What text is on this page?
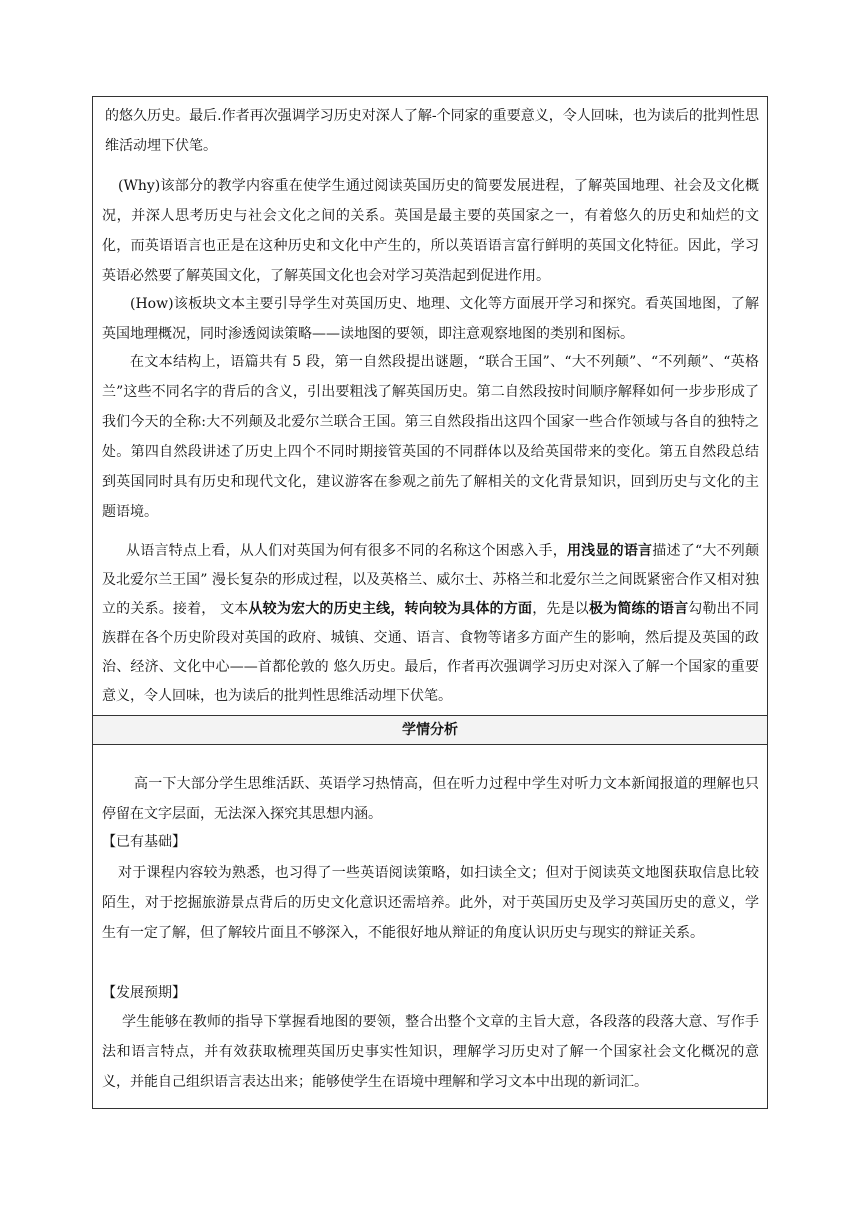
的悠久历史。最后.作者再次强调学习历史对深人了解-个同家的重要意义，令人回味，也为读后的批判性思维活动埋下伏笔。

(Why)该部分的教学内容重在使学生通过阅读英国历史的简要发展进程，了解英国地理、社会及文化概况，并深人思考历史与社会文化之间的关系。英国是最主要的英国家之一，有着悠久的历史和灿烂的文化，而英语语言也正是在这种历史和文化中产生的，所以英语语言富行鲜明的英国文化特征。因此，学习英语必然要了解英国文化，了解英国文化也会对学习英浩起到促进作用。

(How)该板块文本主要引导学生对英国历史、地理、文化等方面展开学习和探究。看英国地图，了解英国地理概况，同时渗透阅读策略——读地图的要领，即注意观察地图的类别和图标。

在文本结构上，语篇共有 5 段，第一自然段提出谜题，“联合王国”、“大不列颠”、“不列颠”、“英格兰”这些不同名字的背后的含义，引出要粗浅了解英国历史。第二自然段按时间顺序解释如何一步步形成了我们今天的全称:大不列颠及北爱尔兰联合王国。第三自然段指出这四个国家一些合作领域与各自的独特之处。第四自然段讲述了历史上四个不同时期接管英国的不同群体以及给英国带来的变化。第五自然段总结到英国同时具有历史和现代文化，建议游客在参观之前先了解相关的文化背景知识，回到历史与文化的主题语境。

从语言特点上看，从人们对英国为何有很多不同的名称这个困惑入手，用浅显的语言描述了“大不列颠及北爱尔兰王国” 漫长复杂的形成过程，以及英格兰、威尔士、苏格兰和北爱尔兰之间既紧密合作又相对独立的关系。接着， 文本从较为宏大的历史主线，转向较为具体的方面，先是以极为简练的语言勾勒出不同族群在各个历史阶段对英国的政府、城镇、交通、语言、食物等诸多方面产生的影响，然后提及英国的政治、经济、文化中心——首都伦敦的 悠久历史。最后，作者再次强调学习历史对深入了解一个国家的重要意义，令人回味，也为读后的批判性思维活动埋下伏笔。

学情分析

高一下大部分学生思维活跃、英语学习热情高，但在听力过程中学生对听力文本新闻报道的理解也只停留在文字层面，无法深入探究其思想内涵。

【已有基础】

对于课程内容较为熟悉，也习得了一些英语阅读策略，如扫读全文；但对于阅读英文地图获取信息比较陌生，对于挖掘旅游景点背后的历史文化意识还需培养。此外，对于英国历史及学习英国历史的意义，学生有一定了解，但了解较片面且不够深入，不能很好地从辩证的角度认识历史与现实的辩证关系。

【发展预期】

学生能够在教师的指导下掌握看地图的要领，整合出整个文章的主旨大意，各段落的段落大意、写作手法和语言特点，并有效获取梳理英国历史事实性知识，理解学习历史对了解一个国家社会文化概况的意义，并能自己组织语言表达出来；能够使学生在语境中理解和学习文本中出现的新词汇。
